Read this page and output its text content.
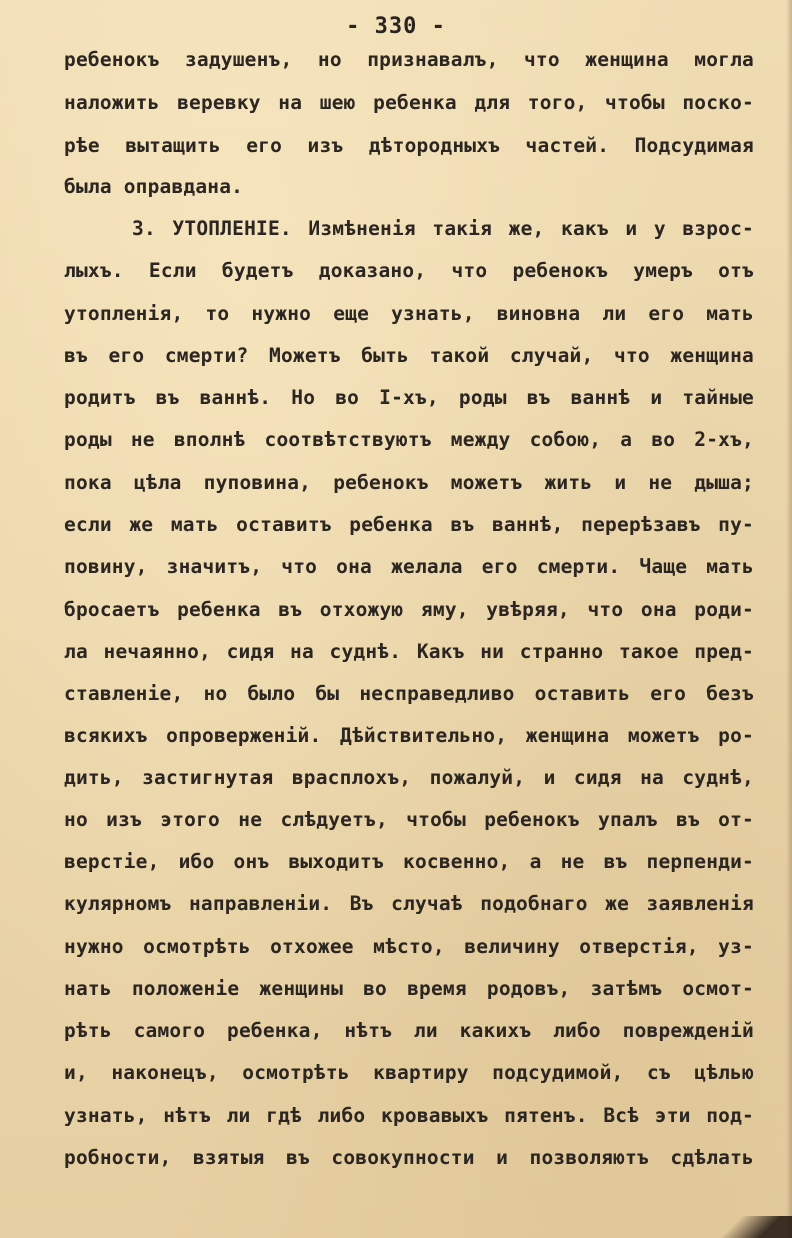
- 330 -
ребенокъ задушенъ, но признавалъ, что женщина могла
наложить веревку на шею ребенка для того, чтобы поско-
рѣе вытащить его изъ дѣтородныхъ частей. Подсудимая
была оправдана.
3. УТОПЛЕНІЕ. Измѣненія такія же, какъ и у взрос-
лыхъ. Если будетъ доказано, что ребенокъ умеръ отъ
утопленія, то нужно еще узнать, виновна ли его мать
въ его смерти? Можетъ быть такой случай, что женщина
родитъ въ ваннѣ. Но во I-хъ, роды въ ваннѣ и тайные
роды не вполнѣ соотвѣтствуютъ между собою, а во 2-хъ,
пока цѣла пуповина, ребенокъ можетъ жить и не дыша;
если же мать оставитъ ребенка въ ваннѣ, перерѣзавъ пу-
повину, значитъ, что она желала его смерти. Чаще мать
бросаетъ ребенка въ отхожую яму, увѣряя, что она роди-
ла нечаянно, сидя на суднѣ. Какъ ни странно такое пред-
ставленіе, но было бы несправедливо оставить его безъ
всякихъ опроверженій. Дѣйствительно, женщина можетъ ро-
дить, застигнутая врасплохъ, пожалуй, и сидя на суднѣ,
но изъ этого не слѣдуетъ, чтобы ребенокъ упалъ въ от-
верстіе, ибо онъ выходитъ косвенно, а не въ перпенди-
кулярномъ направленіи. Въ случаѣ подобнаго же заявленія
нужно осмотрѣть отхожее мѣсто, величину отверстія, уз-
нать положеніе женщины во время родовъ, затѣмъ осмот-
рѣть самого ребенка, нѣтъ ли какихъ либо поврежденій
и, наконецъ, осмотрѣть квартиру подсудимой, съ цѣлью
узнать, нѣтъ ли гдѣ либо кровавыхъ пятенъ. Всѣ эти под-
робности, взятыя въ совокупности и позволяютъ сдѣлать
